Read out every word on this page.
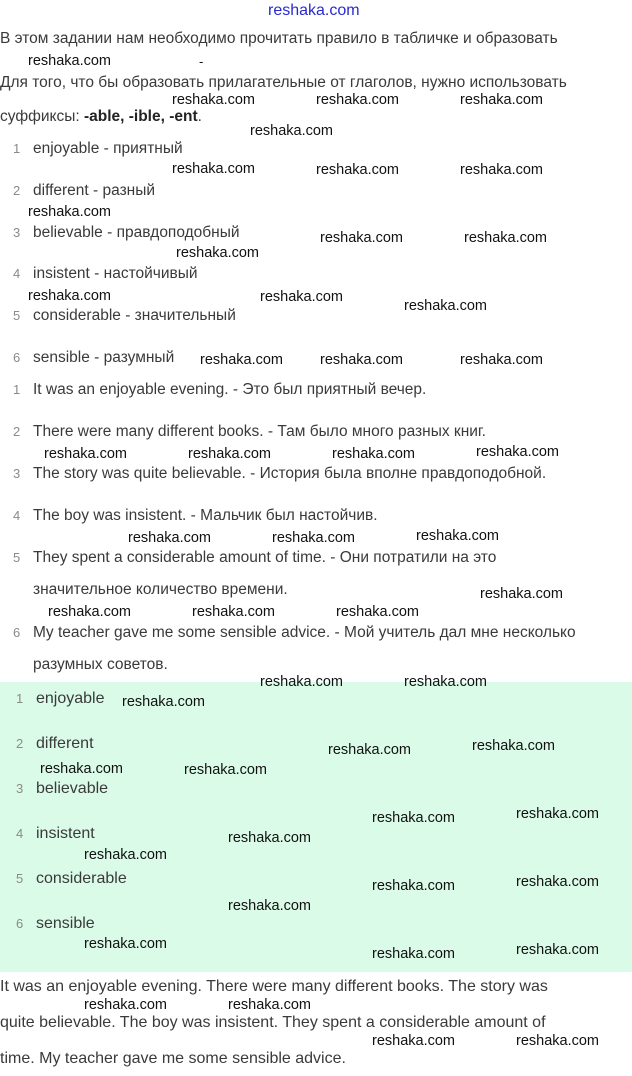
reshaka.com
В этом задании нам необходимо прочитать правило в табличке и образовать
-
Для того, что бы образовать прилагательные от глаголов, нужно использовать
суффиксы: -able, -ible, -ent.
1 enjoyable - приятный
2 different - разный
3 believable - правдоподобный
4 insistent - настойчивый
5 considerable - значительный
6 sensible - разумный
1 It was an enjoyable evening. - Это был приятный вечер.
2 There were many different books. - Там было много разных книг.
3 The story was quite believable. - История была вполне правдоподобной.
4 The boy was insistent. - Мальчик был настойчив.
5 They spent a considerable amount of time. - Они потратили на это
значительное количество времени.
6 My teacher gave me some sensible advice. - Мой учитель дал мне несколько
разумных советов.
1 enjoyable
2 different
3 believable
4 insistent
5 considerable
6 sensible
It was an enjoyable evening. There were many different books. The story was
quite believable. The boy was insistent. They spent a considerable amount of
time. My teacher gave me some sensible advice.
reshaka.com
reshaka.com	reshaka.com	reshaka.com
reshaka.com
reshaka.com	reshaka.com	reshaka.com
reshaka.com
reshaka.com
reshaka.com	reshaka.com
reshaka.com	reshaka.com
reshaka.com
reshaka.com	reshaka.com	reshaka.com
reshaka.com
reshaka.com	reshaka.com	reshaka.com
reshaka.com
reshaka.com	reshaka.com
reshaka.com
reshaka.com
reshaka.com	reshaka.com
reshaka.com	reshaka.com
reshaka.com
reshaka.com	reshaka.com
reshaka.com	reshaka.com
reshaka.com	reshaka.com
reshaka.com
reshaka.com
reshaka.com	reshaka.com
reshaka.com
reshaka.com
reshaka.com	reshaka.com
reshaka.com
reshaka.com
reshaka.com	reshaka.com
